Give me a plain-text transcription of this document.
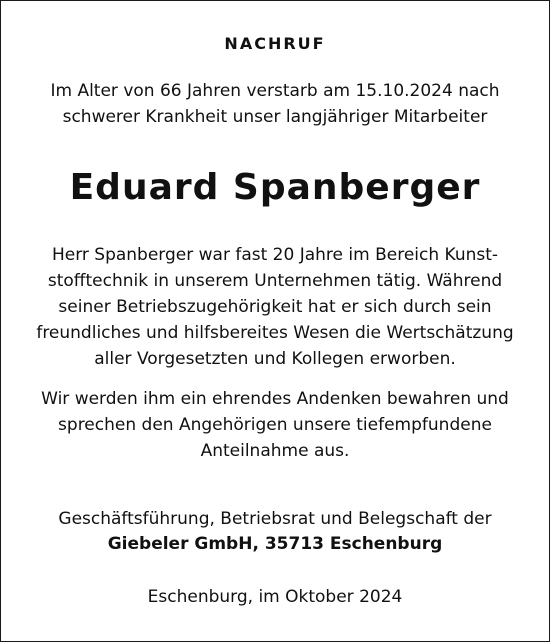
NACHRUF
Im Alter von 66 Jahren verstarb am 15.10.2024 nach
schwerer Krankheit unser langjähriger Mitarbeiter
Eduard Spanberger
Herr Spanberger war fast 20 Jahre im Bereich Kunst-
stofftechnik in unserem Unternehmen tätig. Während
seiner Betriebszugehörigkeit hat er sich durch sein
freundliches und hilfsbereites Wesen die Wertschätzung
aller Vorgesetzten und Kollegen erworben.
Wir werden ihm ein ehrendes Andenken bewahren und
sprechen den Angehörigen unsere tiefempfundene
Anteilnahme aus.
Geschäftsführung, Betriebsrat und Belegschaft der
Giebeler GmbH, 35713 Eschenburg
Eschenburg, im Oktober 2024
